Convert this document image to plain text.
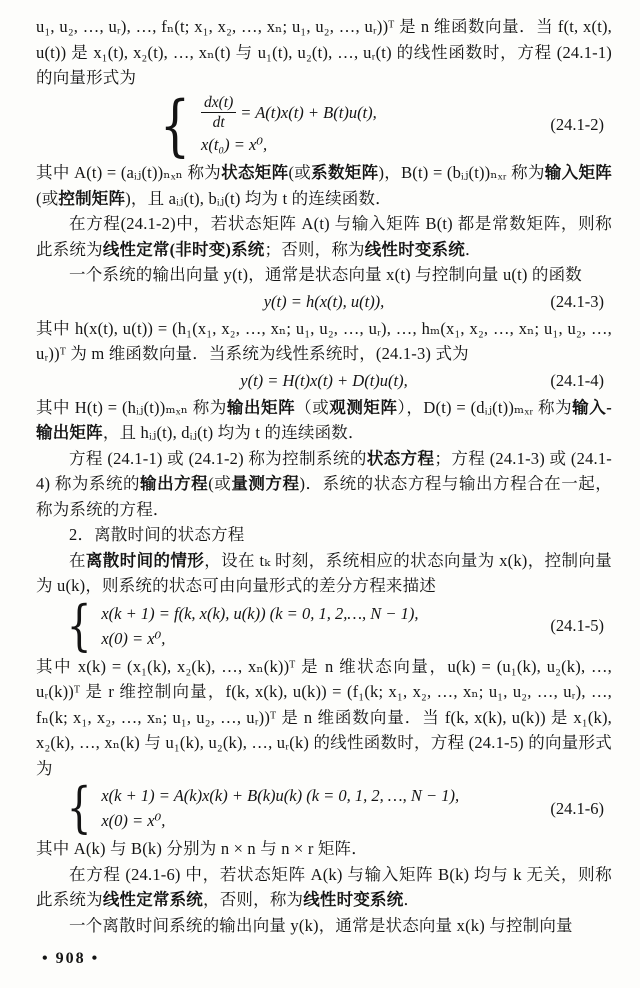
u₁, u₂, …, uᵣ), …, fₙ(t; x₁, x₂, …, xₙ; u₁, u₂, …, uᵣ))ᵀ 是 n 维函数向量．当 f(t, x(t), u(t)) 是 x₁(t), x₂(t), …, xₙ(t) 与 u₁(t), u₂(t), …, uᵣ(t) 的线性函数时，方程 (24.1-1) 的向量形式为

{ $\frac{dx(t)}{dt} = A(t)x(t) + B(t)u(t)$,
x(t₀) = x⁰,
(24.1-2)

其中 A(t) = (aᵢⱼ(t))ₙₓₙ 称为状态矩阵(或系数矩阵)，B(t) = (bᵢⱼ(t))ₙₓᵣ 称为输入矩阵(或控制矩阵)，且 aᵢⱼ(t), bᵢⱼ(t) 均为 t 的连续函数．

在方程(24.1-2)中，若状态矩阵 A(t) 与输入矩阵 B(t) 都是常数矩阵，则称此系统为线性定常(非时变)系统；否则，称为线性时变系统．

一个系统的输出向量 y(t)，通常是状态向量 x(t) 与控制向量 u(t) 的函数

y(t) = h(x(t), u(t)),	(24.1-3)

其中 h(x(t), u(t)) = (h₁(x₁, x₂, …, xₙ; u₁, u₂, …, uᵣ), …, hₘ(x₁, x₂, …, xₙ; u₁, u₂, …, uᵣ))ᵀ 为 m 维函数向量．当系统为线性系统时，(24.1-3) 式为

y(t) = H(t)x(t) + D(t)u(t),	(24.1-4)

其中 H(t) = (hᵢⱼ(t))ₘₓₙ 称为输出矩阵（或观测矩阵），D(t) = (dᵢⱼ(t))ₘₓᵣ 称为输入-输出矩阵，且 hᵢⱼ(t), dᵢⱼ(t) 均为 t 的连续函数．

方程 (24.1-1) 或 (24.1-2) 称为控制系统的状态方程；方程 (24.1-3) 或 (24.1-4) 称为系统的输出方程(或量测方程)．系统的状态方程与输出方程合在一起，称为系统的方程．

2．离散时间的状态方程

在离散时间的情形，设在 tₖ 时刻，系统相应的状态向量为 x(k)，控制向量为 u(k)，则系统的状态可由向量形式的差分方程来描述

{ x(k + 1) = f(k, x(k), u(k)) (k = 0, 1, 2,…, N − 1),
x(0) = x⁰,
(24.1-5)

其中 x(k) = (x₁(k), x₂(k), …, xₙ(k))ᵀ 是 n 维状态向量，u(k) = (u₁(k), u₂(k), …, uᵣ(k))ᵀ 是 r 维控制向量，f(k, x(k), u(k)) = (f₁(k; x₁, x₂, …, xₙ; u₁, u₂, …, uᵣ), …, fₙ(k; x₁, x₂, …, xₙ; u₁, u₂, …, uᵣ))ᵀ 是 n 维函数向量．当 f(k, x(k), u(k)) 是 x₁(k), x₂(k), …, xₙ(k) 与 u₁(k), u₂(k), …, uᵣ(k) 的线性函数时，方程 (24.1-5) 的向量形式为

{ x(k + 1) = A(k)x(k) + B(k)u(k) (k = 0, 1, 2, …, N − 1),
x(0) = x⁰,
(24.1-6)

其中 A(k) 与 B(k) 分别为 n × n 与 n × r 矩阵．

在方程 (24.1-6) 中，若状态矩阵 A(k) 与输入矩阵 B(k) 均与 k 无关，则称此系统为线性定常系统，否则，称为线性时变系统．

一个离散时间系统的输出向量 y(k)，通常是状态向量 x(k) 与控制向量

• 908 •
